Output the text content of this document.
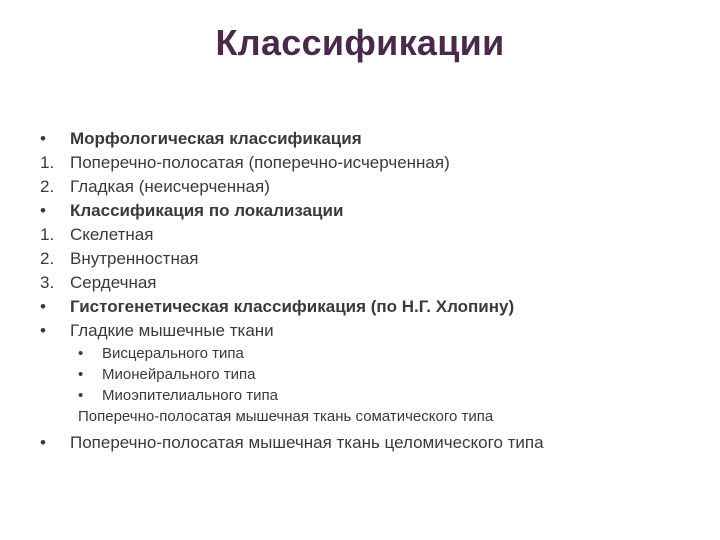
Классификации
•	Морфологическая классификация
1. Поперечно-полосатая (поперечно-исчерченная)
2. Гладкая (неисчерченная)
•	Классификация по локализации
1. Скелетная
2. Внутренностная
3. Сердечная
•	Гистогенетическая классификация (по Н.Г. Хлопину)
•	Гладкие мышечные ткани
•	Висцерального типа
•	Мионейрального типа
•	Миоэпителиального типа
Поперечно-полосатая мышечная ткань соматического типа
•	Поперечно-полосатая мышечная ткань целомического типа
